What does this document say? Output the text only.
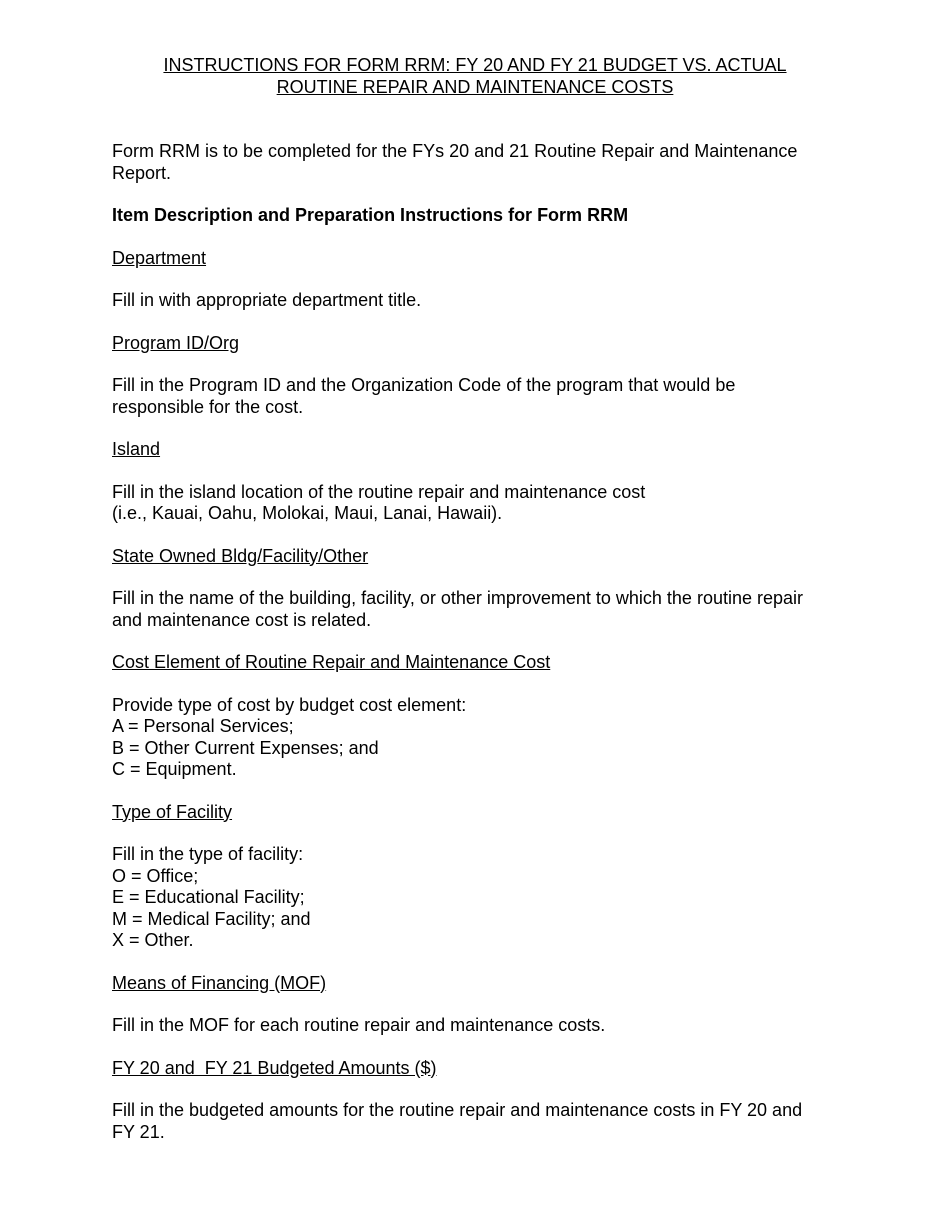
INSTRUCTIONS FOR FORM RRM: FY 20 AND FY 21 BUDGET VS. ACTUAL
ROUTINE REPAIR AND MAINTENANCE COSTS

Form RRM is to be completed for the FYs 20 and 21 Routine Repair and Maintenance
Report.

Item Description and Preparation Instructions for Form RRM

Department

Fill in with appropriate department title.

Program ID/Org

Fill in the Program ID and the Organization Code of the program that would be
responsible for the cost.

Island

Fill in the island location of the routine repair and maintenance cost
(i.e., Kauai, Oahu, Molokai, Maui, Lanai, Hawaii).

State Owned Bldg/Facility/Other

Fill in the name of the building, facility, or other improvement to which the routine repair
and maintenance cost is related.

Cost Element of Routine Repair and Maintenance Cost

Provide type of cost by budget cost element:
A = Personal Services;
B = Other Current Expenses; and
C = Equipment.

Type of Facility

Fill in the type of facility:
O = Office;
E = Educational Facility;
M = Medical Facility; and
X = Other.

Means of Financing (MOF)

Fill in the MOF for each routine repair and maintenance costs.

FY 20 and  FY 21 Budgeted Amounts ($)

Fill in the budgeted amounts for the routine repair and maintenance costs in FY 20 and
FY 21.
